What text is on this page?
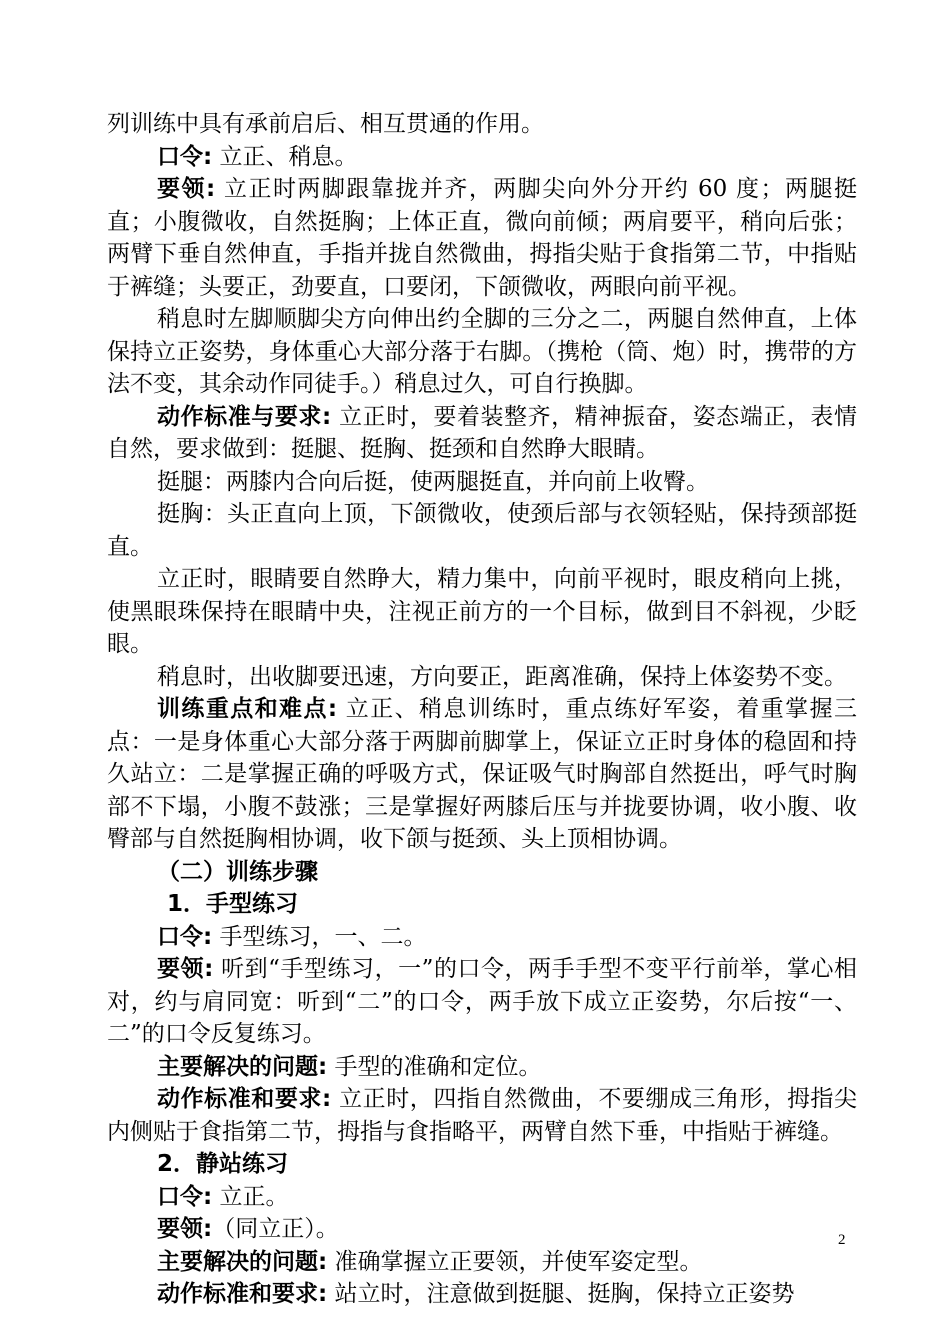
列训练中具有承前启后、相互贯通的作用。

口令: 立正、稍息。

要领: 立正时两脚跟靠拢并齐，两脚尖向外分开约 60 度；两腿挺直；小腹微收，自然挺胸；上体正直，微向前倾；两肩要平，稍向后张；两臂下垂自然伸直，手指并拢自然微曲，拇指尖贴于食指第二节，中指贴于裤缝；头要正，劲要直，口要闭，下颌微收，两眼向前平视。

稍息时左脚顺脚尖方向伸出约全脚的三分之二，两腿自然伸直，上体保持立正姿势，身体重心大部分落于右脚。（携枪（筒、炮）时，携带的方法不变，其余动作同徒手。）稍息过久，可自行换脚。

动作标准与要求: 立正时，要着装整齐，精神振奋，姿态端正，表情自然，要求做到：挺腿、挺胸、挺颈和自然睁大眼睛。

挺腿：两膝内合向后挺，使两腿挺直，并向前上收臀。

挺胸：头正直向上顶，下颌微收，使颈后部与衣领轻贴，保持颈部挺直。

立正时，眼睛要自然睁大，精力集中，向前平视时，眼皮稍向上挑，使黑眼珠保持在眼睛中央，注视正前方的一个目标，做到目不斜视，少眨眼。

稍息时，出收脚要迅速，方向要正，距离准确，保持上体姿势不变。

训练重点和难点: 立正、稍息训练时，重点练好军姿，着重掌握三点：一是身体重心大部分落于两脚前脚掌上，保证立正时身体的稳固和持久站立：二是掌握正确的呼吸方式，保证吸气时胸部自然挺出，呼气时胸部不下塌，小腹不鼓涨；三是掌握好两膝后压与并拢要协调，收小腹、收臀部与自然挺胸相协调，收下颌与挺颈、头上顶相协调。

（二）训练步骤

1．手型练习

口令: 手型练习，一、二。

要领: 听到“手型练习，一”的口令，两手手型不变平行前举，掌心相对，约与肩同宽：听到“二”的口令，两手放下成立正姿势，尔后按“一、二”的口令反复练习。

主要解决的问题: 手型的准确和定位。

动作标准和要求: 立正时，四指自然微曲，不要绷成三角形，拇指尖内侧贴于食指第二节，拇指与食指略平，两臂自然下垂，中指贴于裤缝。

2．静站练习

口令: 立正。

要领:（同立正）。

主要解决的问题: 准确掌握立正要领，并使军姿定型。

动作标准和要求: 站立时，注意做到挺腿、挺胸，保持立正姿势

2
